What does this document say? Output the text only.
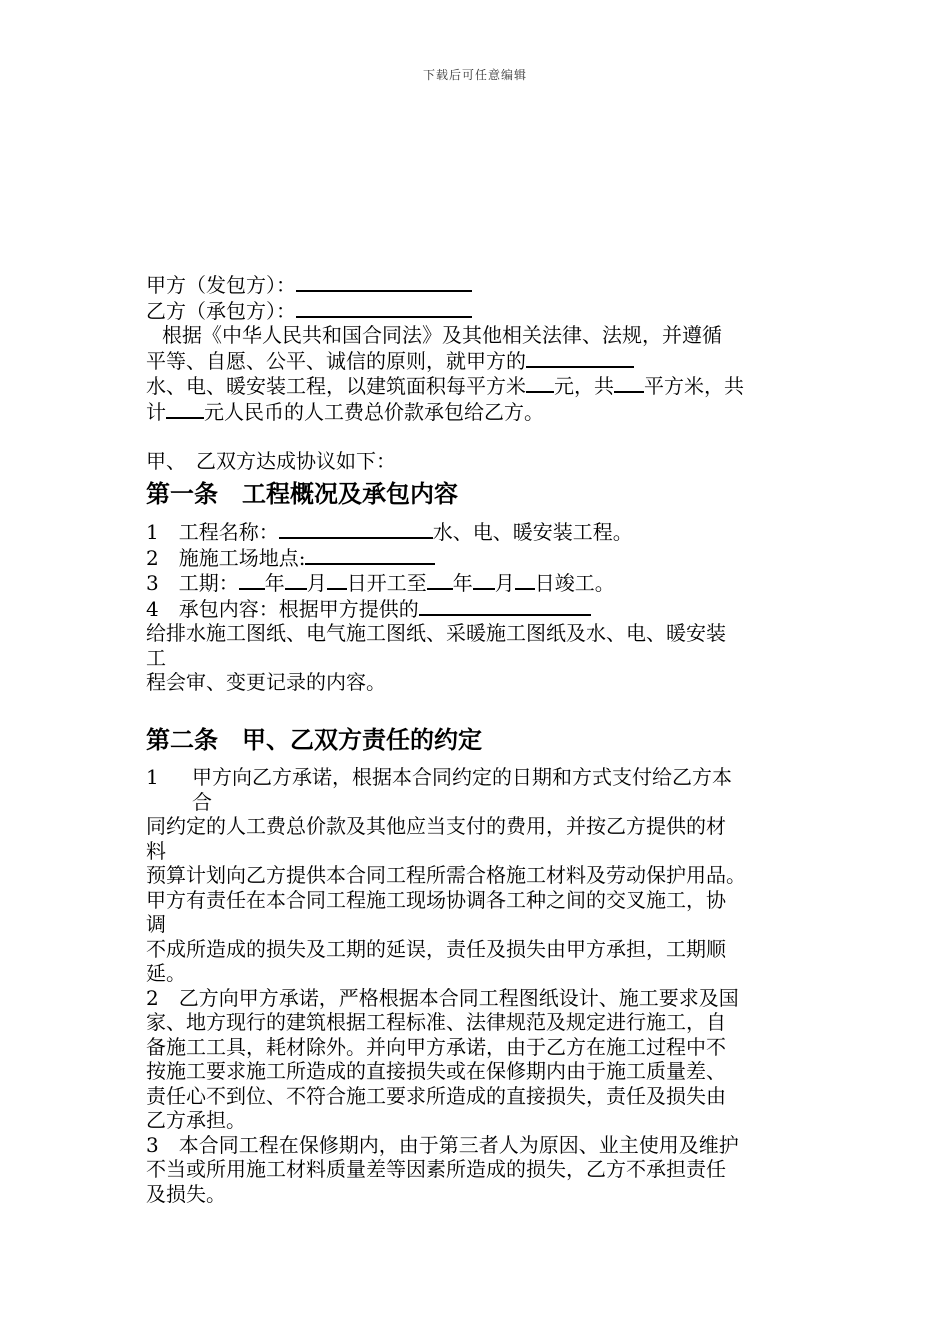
下载后可任意编辑
甲方（发包方）：
乙方（承包方）：
根据《中华人民共和国合同法》及其他相关法律、法规，并遵循
平等、自愿、公平、诚信的原则，就甲方的
水、电、暖安装工程，以建筑面积每平方米 元，共 平方米，共
计 元人民币的人工费总价款承包给乙方。
甲、　乙双方达成协议如下：
第一条　工程概况及承包内容
1　工程名称：	水、电、暖安装工程。
2　施施工场地点:
3　工期： 年 月 日开工至 年 月 日竣工。
4　承包内容：根据甲方提供的
给排水施工图纸、电气施工图纸、采暖施工图纸及水、电、暖安装
工
程会审、变更记录的内容。
第二条　甲、乙双方责任的约定
1	甲方向乙方承诺，根据本合同约定的日期和方式支付给乙方本
合
同约定的人工费总价款及其他应当支付的费用，并按乙方提供的材
料
预算计划向乙方提供本合同工程所需合格施工材料及劳动保护用品。
甲方有责任在本合同工程施工现场协调各工种之间的交叉施工，协
调
不成所造成的损失及工期的延误，责任及损失由甲方承担，工期顺
延。
2　乙方向甲方承诺，严格根据本合同工程图纸设计、施工要求及国
家、地方现行的建筑根据工程标准、法律规范及规定进行施工，自
备施工工具，耗材除外。并向甲方承诺，由于乙方在施工过程中不
按施工要求施工所造成的直接损失或在保修期内由于施工质量差、
责任心不到位、不符合施工要求所造成的直接损失，责任及损失由
乙方承担。
3　本合同工程在保修期内，由于第三者人为原因、业主使用及维护
不当或所用施工材料质量差等因素所造成的损失，乙方不承担责任
及损失。
